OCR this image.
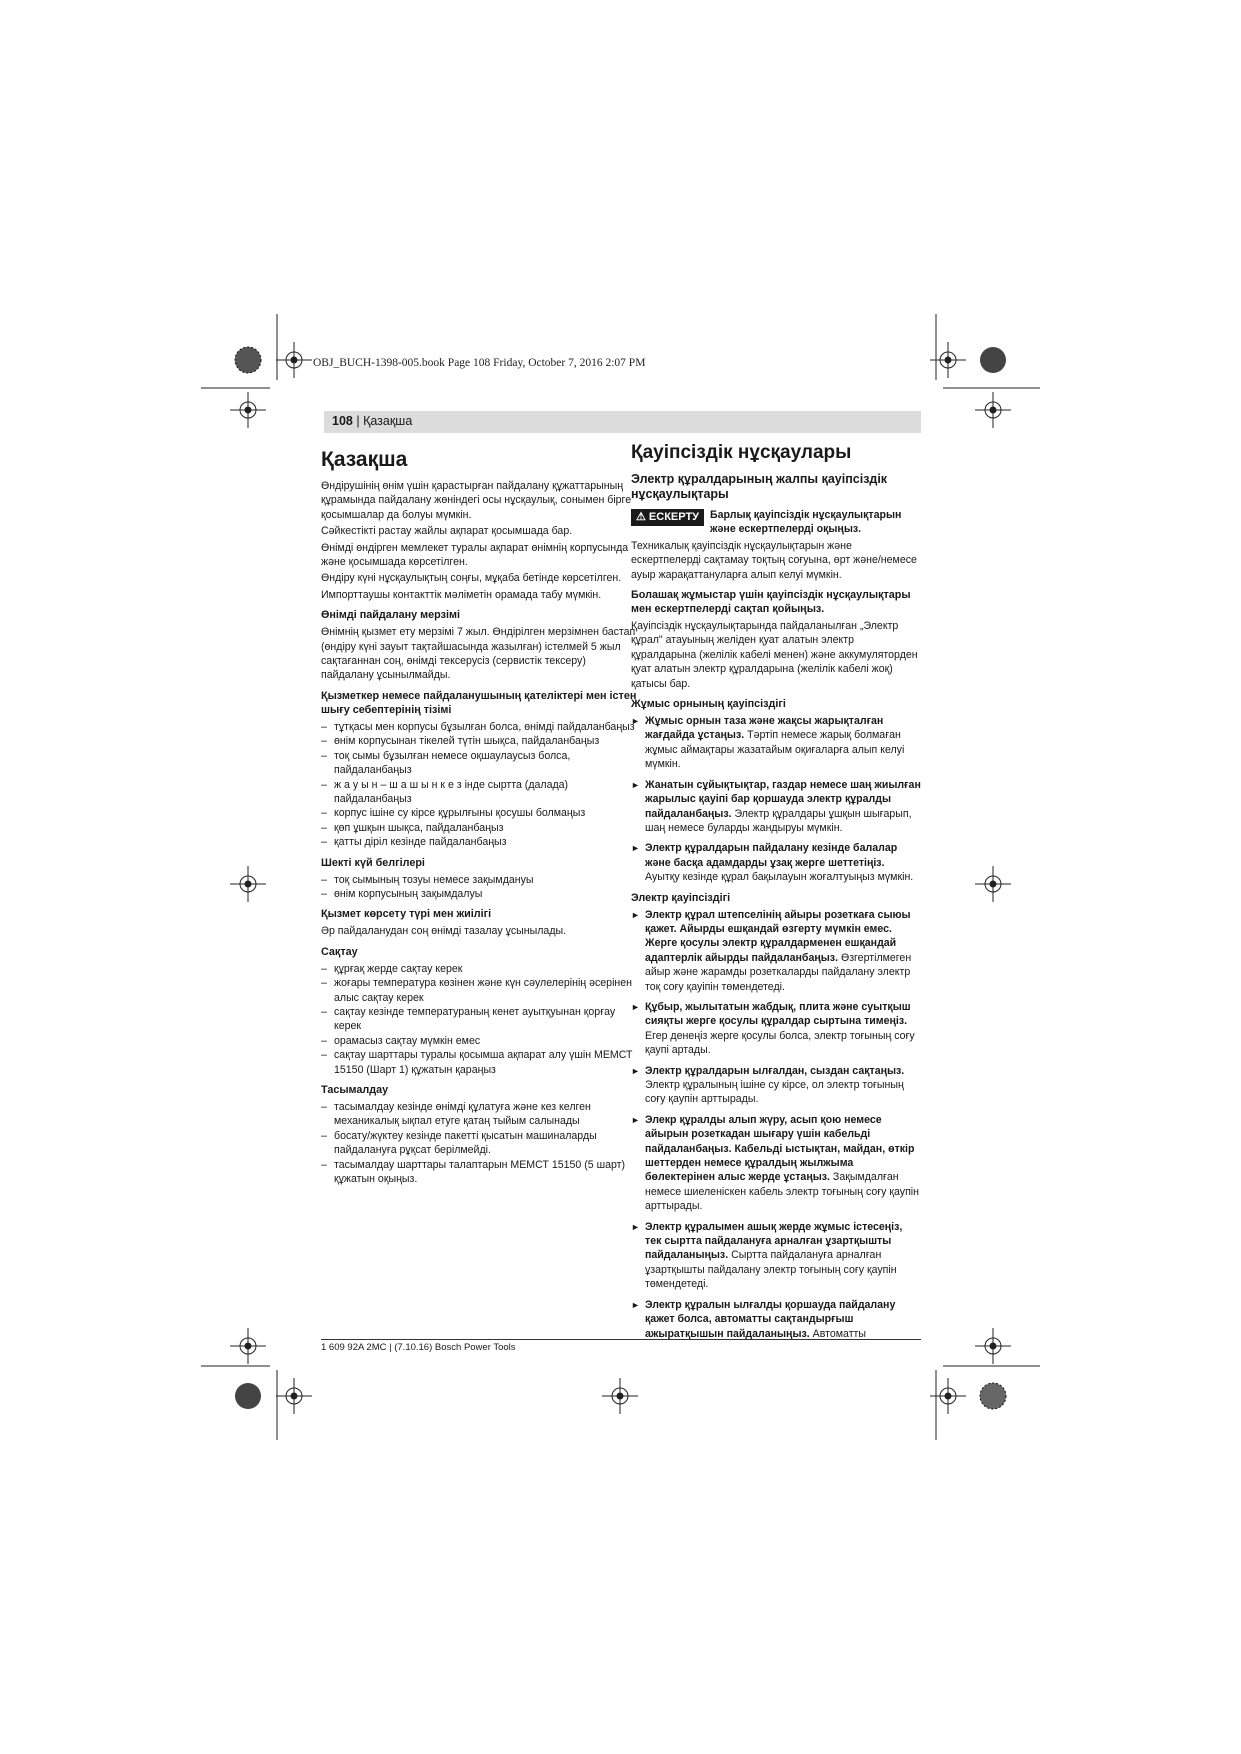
OBJ_BUCH-1398-005.book Page 108 Friday, October 7, 2016 2:07 PM
108 | Қазақша
Қазақша

Өндірушінің өнім үшін қарастырған пайдалану құжаттарының құрамында пайдалану жөніндегі осы нұсқаулық, сонымен бірге қосымшалар да болуы мүмкін.

Сәйкестікті растау жайлы ақпарат қосымшада бар.

Өнімді өндірген мемлекет туралы ақпарат өнімнің корпусында және қосымшада көрсетілген.

Өндіру күні нұсқаулықтың соңғы, мұқаба бетінде көрсетілген.

Импорттаушы контакттік мәліметін орамада табу мүмкін.

Өнімді пайдалану мерзімі

Өнімнің қызмет ету мерзімі 7 жыл. Өндірілген мерзімнен бастап (өндіру күні зауыт тақтайшасында жазылған) істелмей 5 жыл сақтағаннан соң, өнімді тексерусіз (сервистік тексеру) пайдалану ұсынылмайды.

Қызметкер немесе пайдаланушының қателіктері мен істен шығу себептерінің тізімі
– тұтқасы мен корпусы бұзылған болса, өнімді пайдаланбаңыз
– өнім корпусынан тікелей түтін шықса, пайдаланбаңыз
– тоқ сымы бұзылған немесе оқшаулаусыз болса, пайдаланбаңыз
– ж а у ы н – ш а ш ы н к е з індe сыртта (далада) пайдаланбаңыз
– корпус ішіне су кірсе құрылғыны қосушы болмаңыз
– қөп ұшқын шықса, пайдаланбаңыз
– қатты діріл кезінде пайдаланбаңыз
Шекті күй белгілері
– тоқ сымының тозуы немесе зақымдануы
– өнім корпусының зақымдалуы
Қызмет көрсету түрі мен жиілігі

Әр пайдаланудан соң өнімді тазалау ұсынылады.

Сақтау
– құрғақ жерде сақтау керек
– жоғары температура көзінен және күн сәулелерінің әсерінен алыс сақтау керек
– сақтау кезінде температураның кенет ауытқуынан қорғау керек
– орамасыз сақтау мүмкін емес
– сақтау шарттары туралы қосымша ақпарат алу үшін МЕМСТ 15150 (Шарт 1) құжатын қараңыз
Тасымалдау
– тасымалдау кезінде өнімді құлатуға және кез келген механикалық ықпал етуге қатаң тыйым салынады
– босату/жүктеу кезінде пакетті қысатын машиналарды пайдалануға рұқсат берілмейді.
– тасымалдау шарттары талаптарын МЕМСТ 15150 (5 шарт) құжатын оқыңыз.
Қауіпсіздік нұсқаулары
Электр құралдарының жалпы қауіпсіздік нұсқаулықтары
⚠ ЕСКЕРТУ	Барлық қауіпсіздік нұсқаулықтарын және ескертпелерді оқыңыз.

Техникалық қауіпсіздік нұсқаулықтарын және ескертпелерді сақтамау тоқтың соғуына, өрт және/немесе ауыр жарақаттануларға алып келуі мүмкін.

Болашақ жұмыстар үшін қауіпсіздік нұсқаулықтары мен ескертпелерді сақтап қойыңыз.

Қауіпсіздік нұсқаулықтарында пайдаланылған „Электр құрал" атауының желіден қуат алатын электр құралдарына (желілік кабелі менен) және аккумуляторден қуат алатын электр құралдарына (желілік кабелі жоқ) қатысы бар.

Жұмыс орнының қауіпсіздігі
► Жұмыс орнын таза және жақсы жарықталған жағдайда ұстаңыз. Тәртіп немесе жарық болмаған жұмыс аймақтары жазатайым оқиғаларға алып келуі мүмкін.
► Жанатын сұйықтықтар, газдар немесе шаң жиылған жарылыс қауіпі бар қоршауда электр құралды пайдаланбаңыз. Электр құралдары ұшқын шығарып, шаң немесе буларды жандыруы мүмкін.
► Электр құралдарын пайдалану кезінде балалар және басқа адамдарды ұзақ жерге шеттетіңіз. Ауытқу кезінде құрал бақылауын жоғалтуыңыз мүмкін.
Электр қауіпсіздігі
► Электр құрал штепселінің айыры розеткаға сыюы қажет. Айырды ешқандай өзгерту мүмкін емес. Жерге қосулы электр құралдарменен ешқандай адаптерлік айырды пайдаланбаңыз. Өзгертілмеген айыр және жарамды розеткаларды пайдалану электр тоқ соғу қауіпін төмендетеді.
► Құбыр, жылытатын жабдық, плита және суытқыш сияқты жерге қосулы құралдар сыртына тимеңіз. Егер денеңіз жерге қосулы болса, электр тоғының соғу қаупі артады.
► Электр құралдарын ылғалдан, сыздан сақтаңыз. Электр құралының ішіне су кірсе, ол электр тоғының соғу қаупін арттырады.
► Элекр құралды алып жүру, асып қою немесе айырын розеткадан шығару үшін кабельді пайдаланбаңыз. Кабельді ыстықтан, майдан, өткір шеттерден немесе құралдың жылжыма бөлектерінен алыс жерде ұстаңыз. Зақымдалған немесе шиеленіскен кабель электр тоғының соғу қаупін арттырады.
► Электр құралымен ашық жерде жұмыс істесеңіз, тек сыртта пайдалануға арналған ұзартқышты пайдаланыңыз. Сыртта пайдалануға арналған ұзартқышты пайдалану электр тоғының соғу қаупін төмендетеді.
► Электр құралын ылғалды қоршауда пайдалану қажет болса, автоматты сақтандырғыш ажыратқышын пайдаланыңыз. Автоматты
1 609 92A 2MC | (7.10.16) Bosch Power Tools
